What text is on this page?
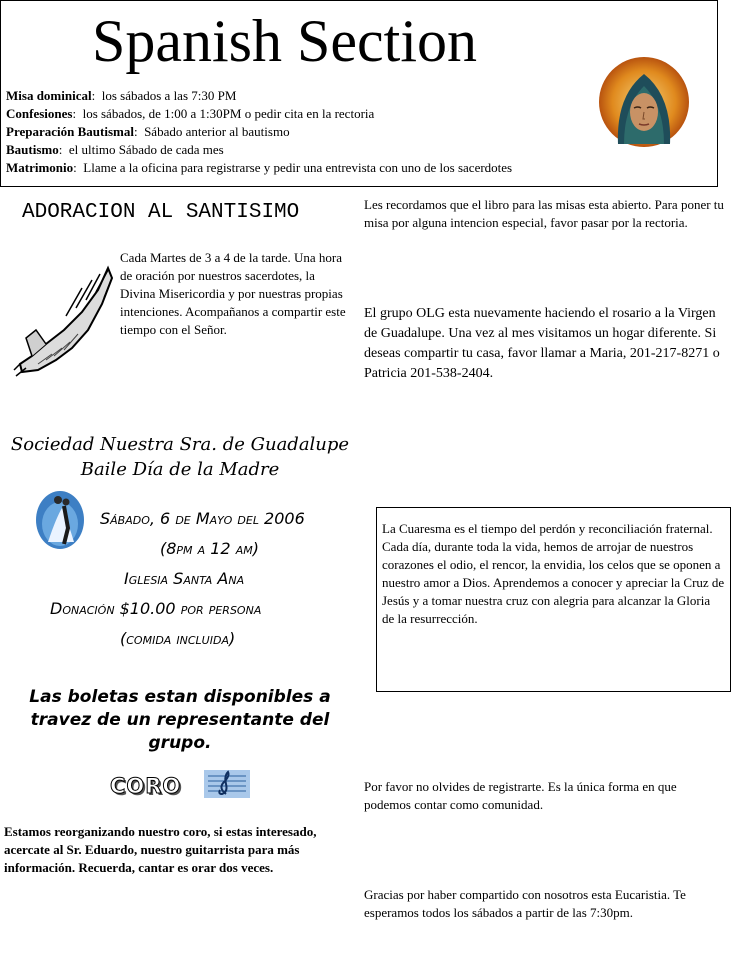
Spanish Section
Misa dominical:  los sábados a las 7:30 PM
Confesiones:  los sábados, de 1:00 a 1:30PM o pedir cita en la rectoria
Preparación Bautismal:  Sábado anterior al bautismo
Bautismo:  el ultimo Sábado de cada mes
Matrimonio:  Llame a la oficina para registrarse y pedir una entrevista con uno de los sacerdotes
ADORACION AL SANTISIMO
Cada Martes de 3 a 4 de la tarde. Una hora de oración por nuestros sacerdotes, la Divina Misericordia y por nuestras propias intenciones. Acompañanos a compartir este tiempo con el Señor.
Les recordamos que el libro para las misas esta abierto. Para poner tu misa por alguna intencion especial, favor pasar por la rectoria.
El grupo OLG esta nuevamente haciendo el rosario a la Virgen de Guadalupe. Una vez al mes visitamos un hogar diferente. Si deseas compartir tu casa, favor llamar a Maria, 201-217-8271 o Patricia 201-538-2404.
Sociedad Nuestra Sra. de Guadalupe
Baile Día de la Madre
Sábado, 6 de Mayo del 2006
(8pm a 12 am)
Iglesia Santa Ana
Donación $10.00 por persona
(comida incluida)
Las boletas estan disponibles a travez de un representante del grupo.
CORO
Estamos reorganizando nuestro coro, si estas interesado, acercate al Sr. Eduardo, nuestro guitarrista para más información. Recuerda, cantar es orar dos veces.
La Cuaresma es el tiempo del perdón y reconciliación fraternal. Cada día, durante toda la vida, hemos de arrojar de nuestros corazones el odio, el rencor, la envidia, los celos que se oponen a nuestro amor a Dios. Aprendemos a conocer y apreciar la Cruz de Jesús y a tomar nuestra cruz con alegria para alcanzar la Gloria de la resurrección.
Por favor no olvides de registrarte. Es la única forma en que podemos contar como comunidad.
Gracias por haber compartido con nosotros esta Eucaristia. Te esperamos todos los sábados a partir de las 7:30pm.
